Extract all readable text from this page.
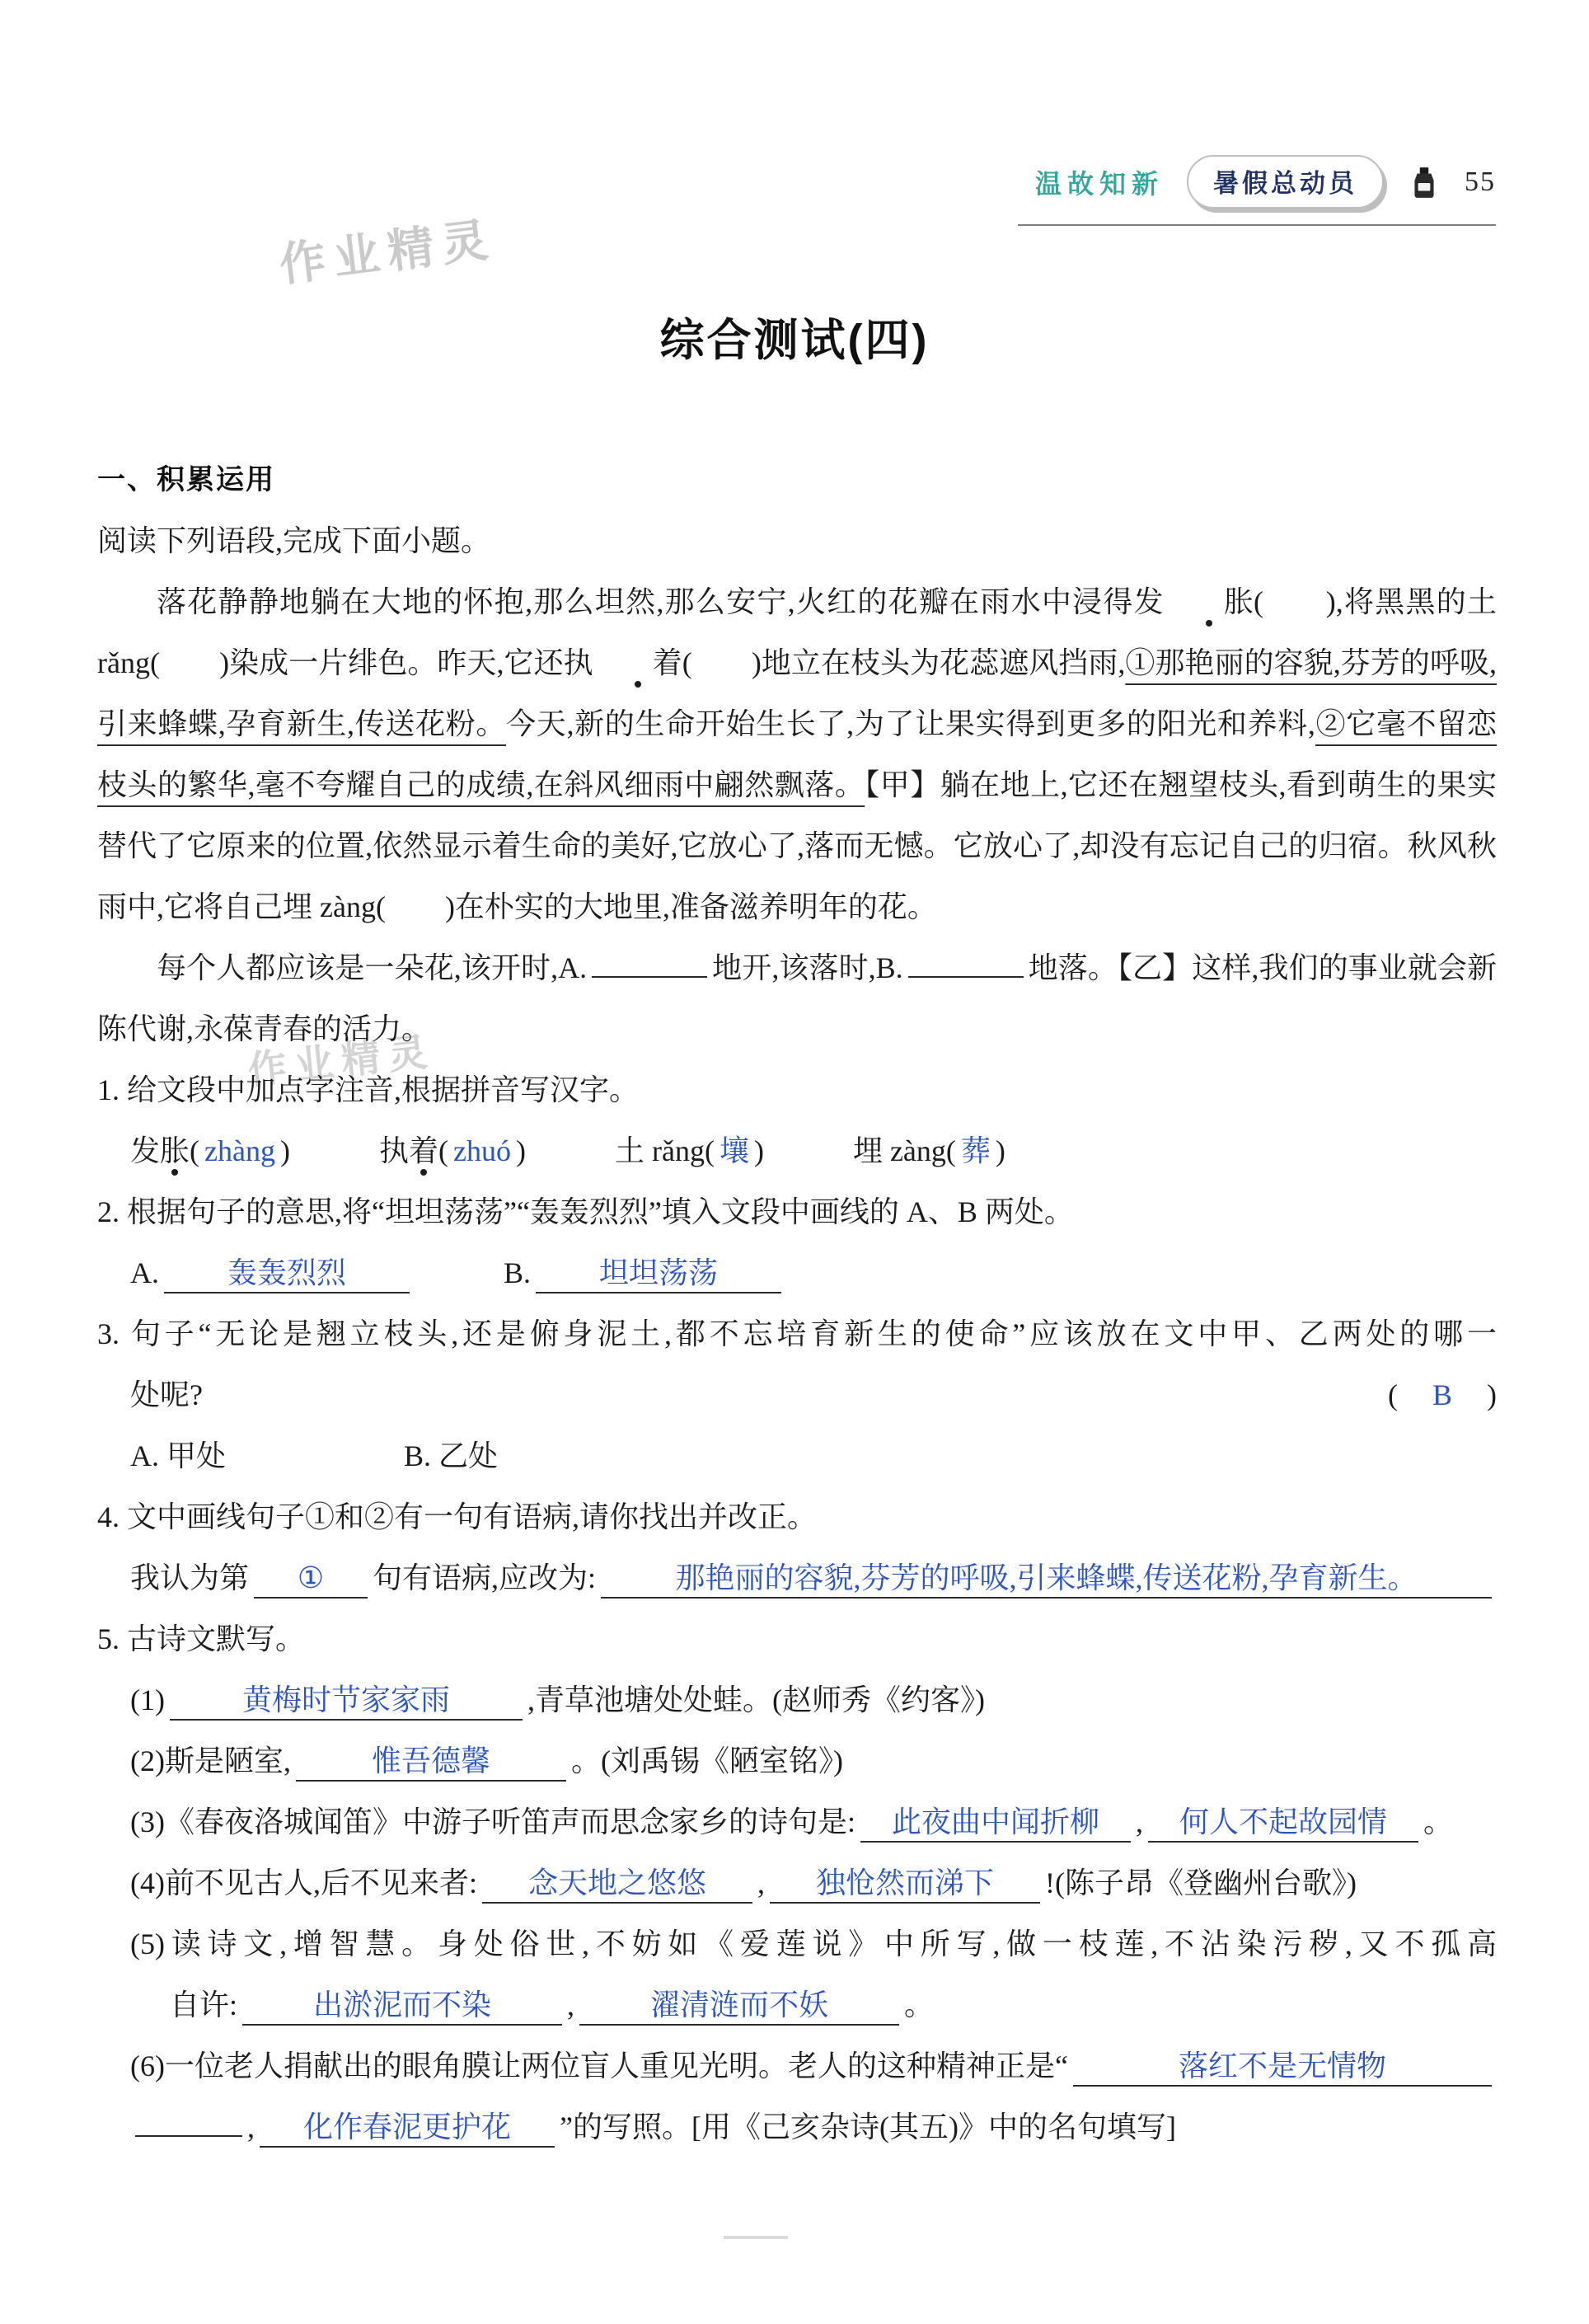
作业精灵
作业精灵
温故知新	暑假总动员	55
综合测试(四)
一、积累运用
阅读下列语段,完成下面小题。
落花静静地躺在大地的怀抱,那么坦然,那么安宁,火红的花瓣在雨水中浸得发 胀(　　),将黑黑的土 rǎng(　　)染成一片绯色。昨天,它还执 着(　　)地立在枝头为花蕊遮风挡雨,①那艳丽的容貌,芬芳的呼吸,引来蜂蝶,孕育新生,传送花粉。今天,新的生命开始生长了,为了让果实得到更多的阳光和养料,②它毫不留恋枝头的繁华,毫不夸耀自己的成绩,在斜风细雨中翩然飘落。【甲】躺在地上,它还在翘望枝头,看到萌生的果实替代了它原来的位置,依然显示着生命的美好,它放心了,落而无憾。它放心了,却没有忘记自己的归宿。秋风秋雨中,它将自己埋 zàng(　　)在朴实的大地里,准备滋养明年的花。
每个人都应该是一朵花,该开时,A.	地开,该落时,B.	地落。【乙】这样,我们的事业就会新陈代谢,永葆青春的活力。
1. 给文段中加点字注音,根据拼音写汉字。
发胀( zhàng )　　　执着( zhuó )　　　土 rǎng( 壤 )　　　埋 zàng( 葬 )
2. 根据句子的意思,将“坦坦荡荡”“轰轰烈烈”填入文段中画线的 A、B 两处。
A. 轰轰烈烈　　　	B. 坦坦荡荡
3. 句子“无论是翘立枝头,还是俯身泥土,都不忘培育新生的使命”应该放在文中甲、乙两处的哪一
处呢?	(　B　)
A. 甲处　　　　　　	B. 乙处
4. 文中画线句子①和②有一句有语病,请你找出并改正。
我认为第	①	句有语病,应改为:	那艳丽的容貌,芬芳的呼吸,引来蜂蝶,传送花粉,孕育新生。
5. 古诗文默写。
(1)	黄梅时节家家雨	,青草池塘处处蛙。(赵师秀《约客》)
(2)斯是陋室,	惟吾德馨	。(刘禹锡《陋室铭》)
(3)《春夜洛城闻笛》中游子听笛声而思念家乡的诗句是: 此夜曲中闻折柳 , 何人不起故园情 。
(4)前不见古人,后不见来者: 念天地之悠悠 , 独怆然而涕下 !(陈子昂《登幽州台歌》)
(5)读诗文,增智慧。身处俗世,不妨如《爱莲说》中所写,做一枝莲,不沾染污秽,又不孤高
自许:	出淤泥而不染	,	濯清涟而不妖	。
(6)一位老人捐献出的眼角膜让两位盲人重见光明。老人的这种精神正是“	落红不是无情物
, 化作春泥更护花 ”的写照。[用《己亥杂诗(其五)》中的名句填写]
